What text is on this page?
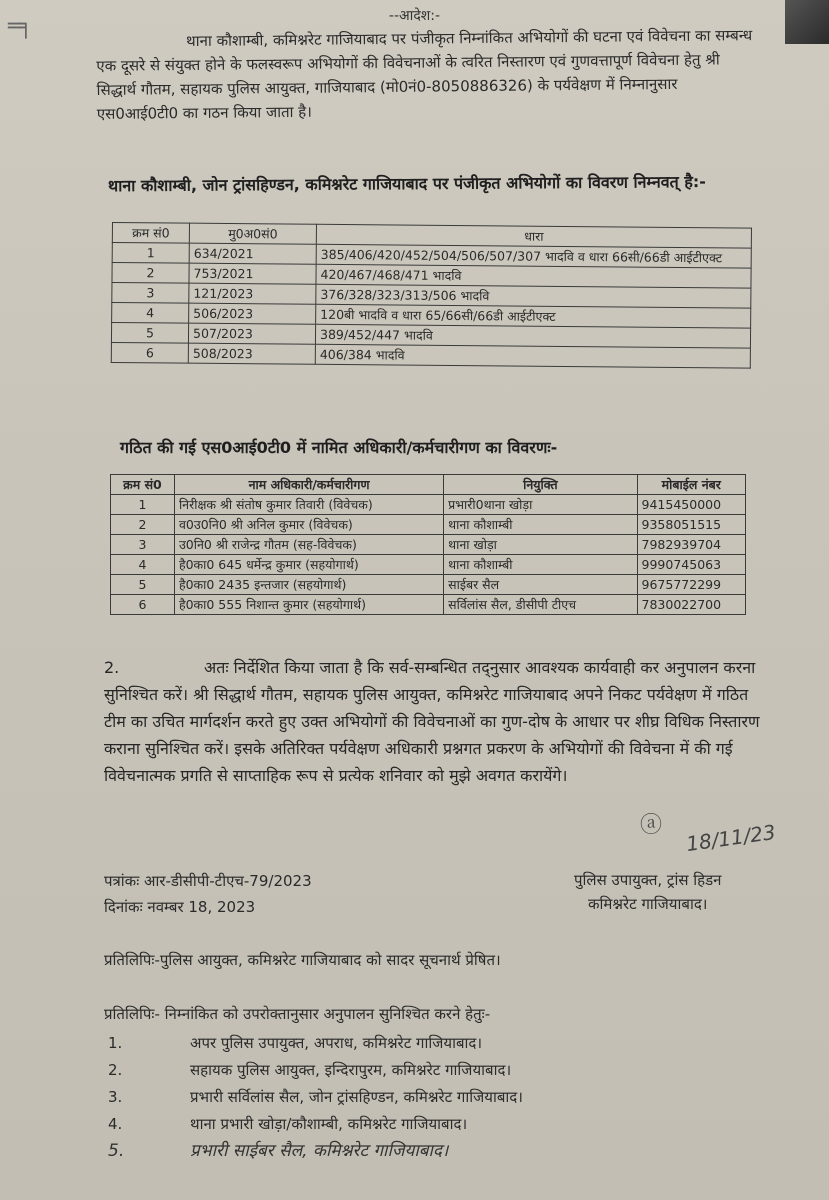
═╕	--आदेश:-
थाना कौशाम्बी, कमिश्नरेट गाजियाबाद पर पंजीकृत निम्नांकित अभियोगों की घटना एवं विवेचना का सम्बन्ध एक दूसरे से संयुक्त होने के फलस्वरूप अभियोगों की विवेचनाओं के त्वरित निस्तारण एवं गुणवत्तापूर्ण विवेचना हेतु श्री सिद्धार्थ गौतम, सहायक पुलिस आयुक्त, गाजियाबाद (मो0नं0-8050886326) के पर्यवेक्षण में निम्नानुसार एस0आई0टी0 का गठन किया जाता है।
थाना कौशाम्बी, जोन ट्रांसहिण्डन, कमिश्नरेट गाजियाबाद पर पंजीकृत अभियोगों का विवरण निम्नवत् है:-
क्रम सं0	मु0अ0सं0	धारा
1	634/2021	385/406/420/452/504/506/507/307 भादवि व धारा 66सी/66डी आईटीएक्ट
2	753/2021	420/467/468/471 भादवि
3	121/2023	376/328/323/313/506 भादवि
4	506/2023	120बी भादवि व धारा 65/66सी/66डी आईटीएक्ट
5	507/2023	389/452/447 भादवि
6	508/2023	406/384 भादवि
गठित की गई एस0आई0टी0 में नामित अधिकारी/कर्मचारीगण का विवरणः-
क्रम सं0	नाम अधिकारी/कर्मचारीगण	नियुक्ति	मोबाईल नंबर
1	निरीक्षक श्री संतोष कुमार तिवारी (विवेचक)	प्रभारी0थाना खोड़ा	9415450000
2	व0उ0नि0 श्री अनिल कुमार (विवेचक)	थाना कौशाम्बी	9358051515
3	उ0नि0 श्री राजेन्द्र गौतम (सह-विवेचक)	थाना खोड़ा	7982939704
4	है0का0 645 धर्मेन्द्र कुमार (सहयोगार्थ)	थाना कौशाम्बी	9990745063
5	है0का0 2435 इन्तजार (सहयोगार्थ)	साईबर सैल	9675772299
6	है0का0 555 निशान्त कुमार (सहयोगार्थ)	सर्विलांस सैल, डीसीपी टीएच	7830022700
2.	अतः निर्देशित किया जाता है कि सर्व-सम्बन्धित तद्नुसार आवश्यक कार्यवाही कर अनुपालन करना सुनिश्चित करें। श्री सिद्धार्थ गौतम, सहायक पुलिस आयुक्त, कमिश्नरेट गाजियाबाद अपने निकट पर्यवेक्षण में गठित टीम का उचित मार्गदर्शन करते हुए उक्त अभियोगों की विवेचनाओं का गुण-दोष के आधार पर शीघ्र विधिक निस्तारण कराना सुनिश्चित करें। इसके अतिरिक्त पर्यवेक्षण अधिकारी प्रश्नगत प्रकरण के अभियोगों की विवेचना में की गई विवेचनात्मक प्रगति से साप्ताहिक रूप से प्रत्येक शनिवार को मुझे अवगत करायेंगे।
ⓐ 18/11/23
पत्रांकः आर-डीसीपी-टीएच-79/2023
दिनांकः नवम्बर 18, 2023
पुलिस उपायुक्त, ट्रांस हिडन
कमिश्नरेट गाजियाबाद।
प्रतिलिपिः-पुलिस आयुक्त, कमिश्नरेट गाजियाबाद को सादर सूचनार्थ प्रेषित।
प्रतिलिपिः- निम्नांकित को उपरोक्तानुसार अनुपालन सुनिश्चित करने हेतुः-
1.	अपर पुलिस उपायुक्त, अपराध, कमिश्नरेट गाजियाबाद।
2.	सहायक पुलिस आयुक्त, इन्दिरापुरम, कमिश्नरेट गाजियाबाद।
3.	प्रभारी सर्विलांस सैल, जोन ट्रांसहिण्डन, कमिश्नरेट गाजियाबाद।
4.	थाना प्रभारी खोड़ा/कौशाम्बी, कमिश्नरेट गाजियाबाद।
5.	प्रभारी साईबर सैल, कमिश्नरेट गाजियाबाद।
